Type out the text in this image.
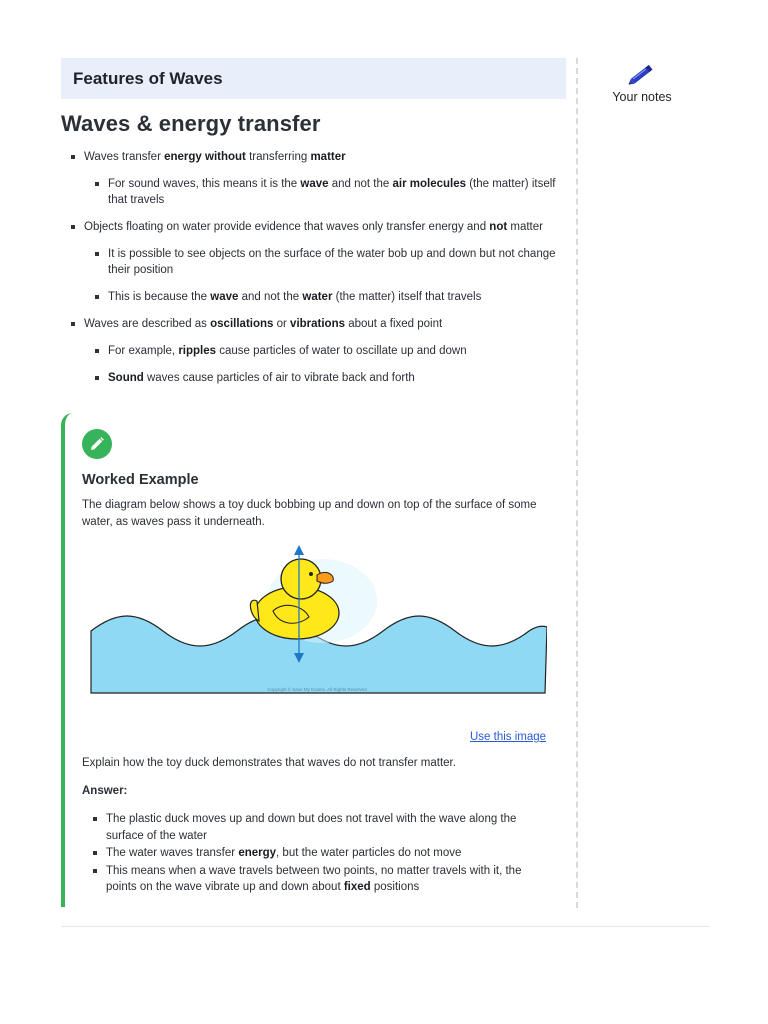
Features of Waves
Waves & energy transfer
Waves transfer energy without transferring matter
For sound waves, this means it is the wave and not the air molecules (the matter) itself that travels
Objects floating on water provide evidence that waves only transfer energy and not matter
It is possible to see objects on the surface of the water bob up and down but not change their position
This is because the wave and not the water (the matter) itself that travels
Waves are described as oscillations or vibrations about a fixed point
For example, ripples cause particles of water to oscillate up and down
Sound waves cause particles of air to vibrate back and forth
Your notes
Worked Example
The diagram below shows a toy duck bobbing up and down on top of the surface of some water, as waves pass it underneath.
Copyright © Save My Exams. All Rights Reserved
Use this image
Explain how the toy duck demonstrates that waves do not transfer matter.
Answer:
The plastic duck moves up and down but does not travel with the wave along the surface of the water
The water waves transfer energy, but the water particles do not move
This means when a wave travels between two points, no matter travels with it, the points on the wave vibrate up and down about fixed positions
